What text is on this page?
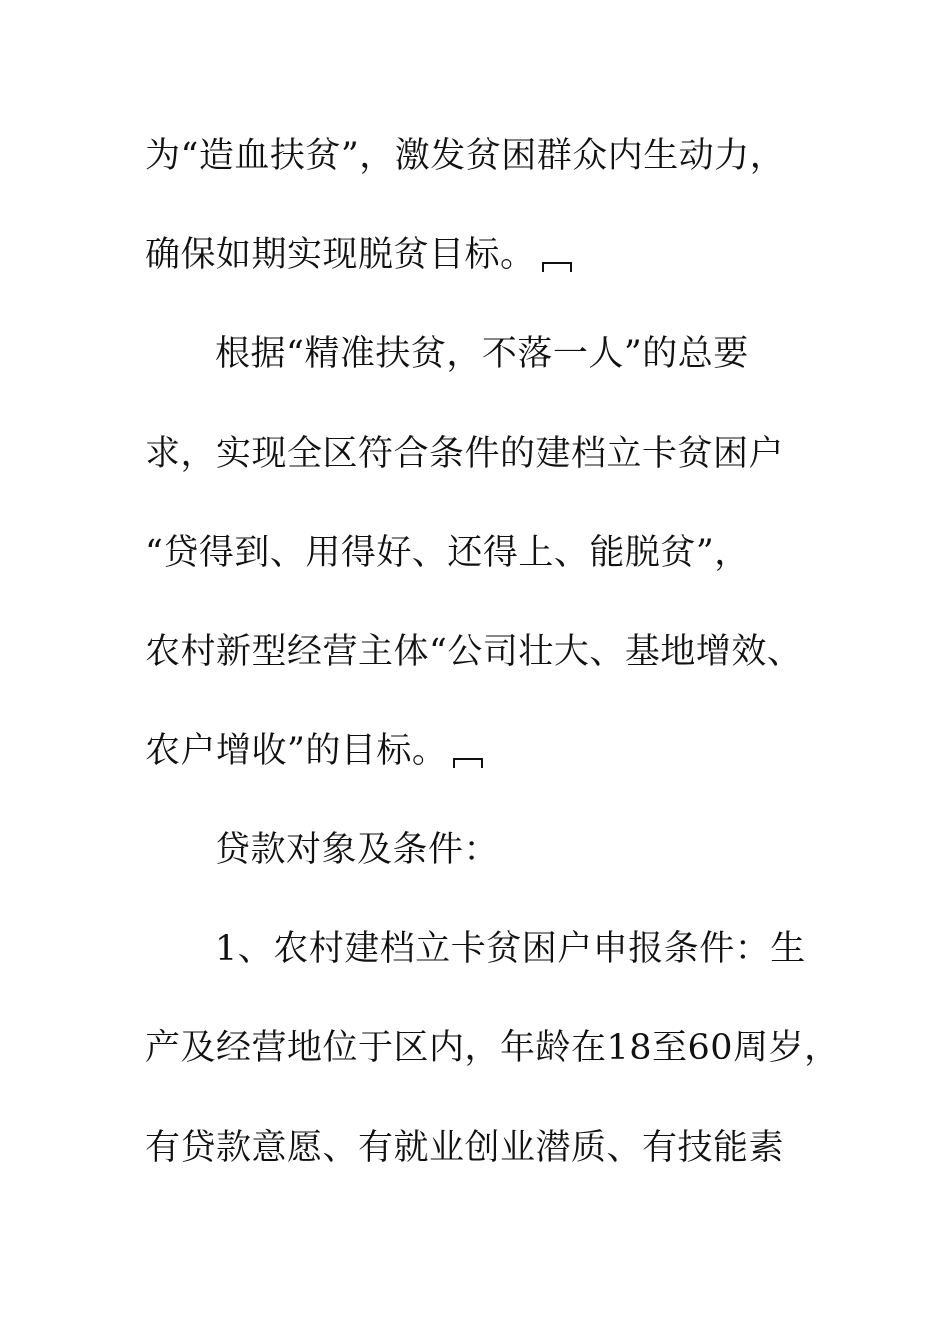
为“造血扶贫”，激发贫困群众内生动力，
确保如期实现脱贫目标。
根据“精准扶贫，不落一人”的总要
求，实现全区符合条件的建档立卡贫困户
“贷得到、用得好、还得上、能脱贫”，
农村新型经营主体“公司壮大、基地增效、
农户增收”的目标。
贷款对象及条件：
1、农村建档立卡贫困户申报条件：生
产及经营地位于区内，年龄在18至60周岁，
有贷款意愿、有就业创业潜质、有技能素
